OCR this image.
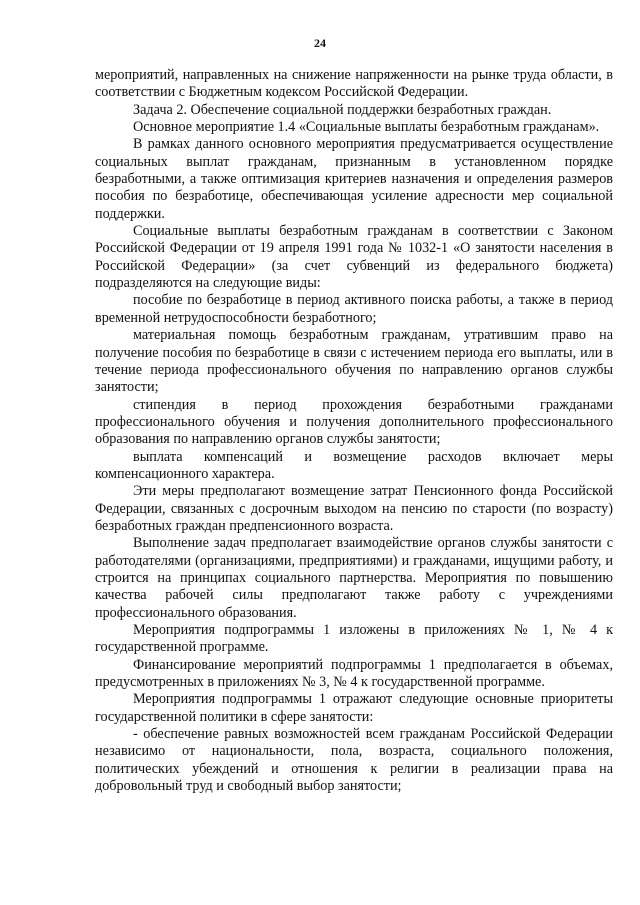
24

мероприятий, направленных на снижение напряженности на рынке труда области, в соответствии с Бюджетным кодексом Российской Федерации.

Задача 2. Обеспечение социальной поддержки безработных граждан.

Основное мероприятие 1.4 «Социальные выплаты безработным гражданам».

В рамках данного основного мероприятия предусматривается осуществление социальных выплат гражданам, признанным в установленном порядке безработными, а также оптимизация критериев назначения и определения размеров пособия по безработице, обеспечивающая усиление адресности мер социальной поддержки.

Социальные выплаты безработным гражданам в соответствии с Законом Российской Федерации от 19 апреля 1991 года № 1032-1 «О занятости населения в Российской Федерации» (за счет субвенций из федерального бюджета) подразделяются на следующие виды:

пособие по безработице в период активного поиска работы, а также в период временной нетрудоспособности безработного;

материальная помощь безработным гражданам, утратившим право на получение пособия по безработице в связи с истечением периода его выплаты, или в течение периода профессионального обучения по направлению органов службы занятости;

стипендия в период прохождения безработными гражданами профессионального обучения и получения дополнительного профессионального образования по направлению органов службы занятости;

выплата компенсаций и возмещение расходов включает меры компенсационного характера.

Эти меры предполагают возмещение затрат Пенсионного фонда Российской Федерации, связанных с досрочным выходом на пенсию по старости (по возрасту) безработных граждан предпенсионного возраста.

Выполнение задач предполагает взаимодействие органов службы занятости с работодателями (организациями, предприятиями) и гражданами, ищущими работу, и строится на принципах социального партнерства. Мероприятия по повышению качества рабочей силы предполагают также работу с учреждениями профессионального образования.

Мероприятия подпрограммы 1 изложены в приложениях № 1, № 4 к государственной программе.

Финансирование мероприятий подпрограммы 1 предполагается в объемах, предусмотренных в приложениях № 3, № 4 к государственной программе.

Мероприятия подпрограммы 1 отражают следующие основные приоритеты государственной политики в сфере занятости:

- обеспечение равных возможностей всем гражданам Российской Федерации независимо от национальности, пола, возраста, социального положения, политических убеждений и отношения к религии в реализации права на добровольный труд и свободный выбор занятости;
